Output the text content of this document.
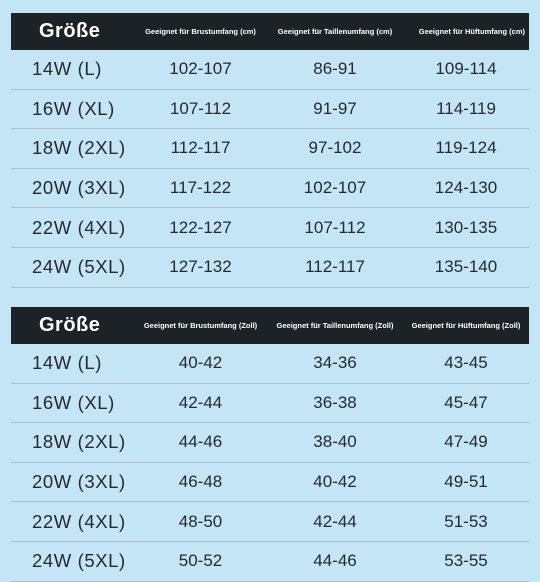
Größe	Geeignet für Brustumfang (cm)	Geeignet für Taillenumfang (cm)	Geeignet für Hüftumfang (cm)
14W (L)	102-107	86-91	109-114
16W (XL)	107-112	91-97	114-119
18W (2XL)	112-117	97-102	119-124
20W (3XL)	117-122	102-107	124-130
22W (4XL)	122-127	107-112	130-135
24W (5XL)	127-132	112-117	135-140
Größe	Geeignet für Brustumfang (Zoll)	Geeignet für Taillenumfang (Zoll)	Geeignet für Hüftumfang (Zoll)
14W (L)	40-42	34-36	43-45
16W (XL)	42-44	36-38	45-47
18W (2XL)	44-46	38-40	47-49
20W (3XL)	46-48	40-42	49-51
22W (4XL)	48-50	42-44	51-53
24W (5XL)	50-52	44-46	53-55
